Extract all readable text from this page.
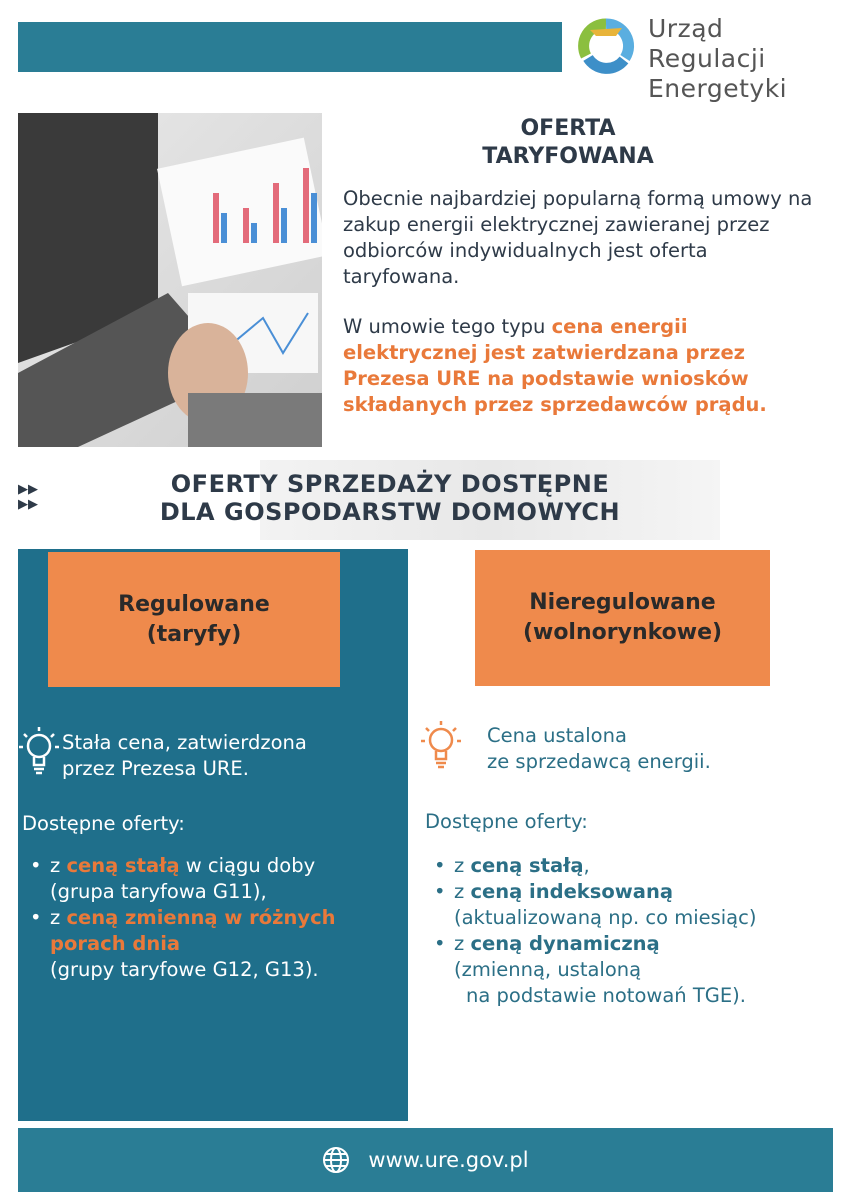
Urząd Regulacji
Energetyki
OFERTA
TARYFOWANA
Obecnie najbardziej popularną formą umowy na zakup energii elektrycznej zawieranej przez odbiorców indywidualnych jest oferta taryfowana.
W umowie tego typu cena energii elektrycznej jest zatwierdzana przez Prezesa URE na podstawie wniosków składanych przez sprzedawców prądu.
▶▶
▶▶
OFERTY SPRZEDAŻY DOSTĘPNE
DLA GOSPODARSTW DOMOWYCH
Regulowane
(taryfy)
Nieregulowane
(wolnorynkowe)
Stała cena, zatwierdzona
przez Prezesa URE.
Cena ustalona
ze sprzedawcą energii.
Dostępne oferty:	Dostępne oferty:
• z ceną stałą w ciągu doby
(grupa taryfowa G11),
• z ceną zmienną w różnych porach dnia
(grupy taryfowe G12, G13).
• z ceną stałą,
• z ceną indeksowaną
(aktualizowaną np. co miesiąc)
• z ceną dynamiczną
(zmienną, ustaloną
na podstawie notowań TGE).
www.ure.gov.pl
